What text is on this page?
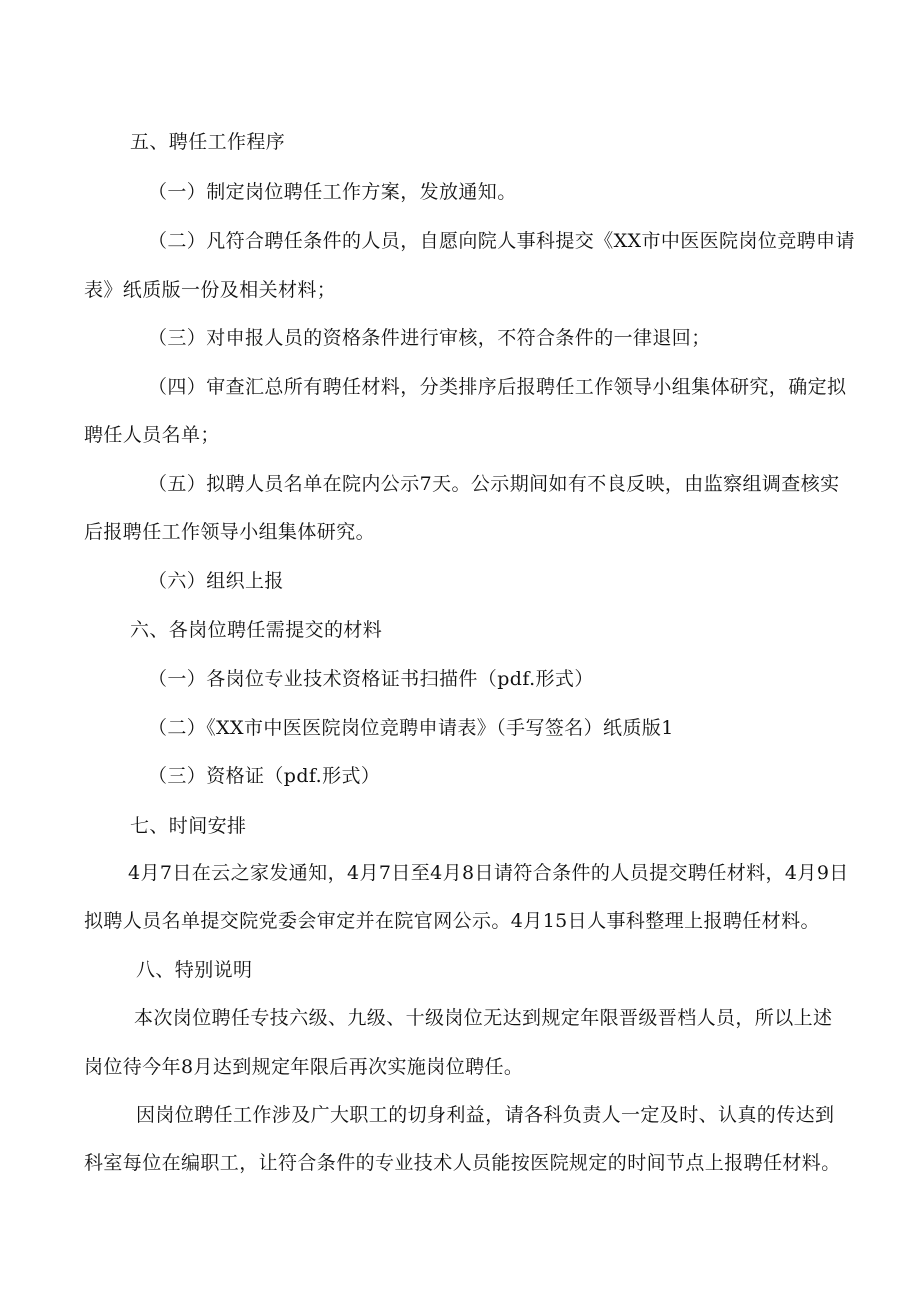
五、聘任工作程序
（一）制定岗位聘任工作方案，发放通知。
（二）凡符合聘任条件的人员，自愿向院人事科提交《XX市中医医院岗位竞聘申请
表》纸质版一份及相关材料；
（三）对申报人员的资格条件进行审核，不符合条件的一律退回；
（四）审查汇总所有聘任材料，分类排序后报聘任工作领导小组集体研究，确定拟
聘任人员名单；
（五）拟聘人员名单在院内公示7天。公示期间如有不良反映，由监察组调查核实
后报聘任工作领导小组集体研究。
（六）组织上报
六、各岗位聘任需提交的材料
（一）各岗位专业技术资格证书扫描件（pdf.形式）
（二）《XX市中医医院岗位竞聘申请表》（手写签名）纸质版1
（三）资格证（pdf.形式）
七、时间安排
4月7日在云之家发通知，4月7日至4月8日请符合条件的人员提交聘任材料，4月9日
拟聘人员名单提交院党委会审定并在院官网公示。4月15日人事科整理上报聘任材料。
八、特别说明
本次岗位聘任专技六级、九级、十级岗位无达到规定年限晋级晋档人员，所以上述
岗位待今年8月达到规定年限后再次实施岗位聘任。
因岗位聘任工作涉及广大职工的切身利益，请各科负责人一定及时、认真的传达到
科室每位在编职工，让符合条件的专业技术人员能按医院规定的时间节点上报聘任材料。
